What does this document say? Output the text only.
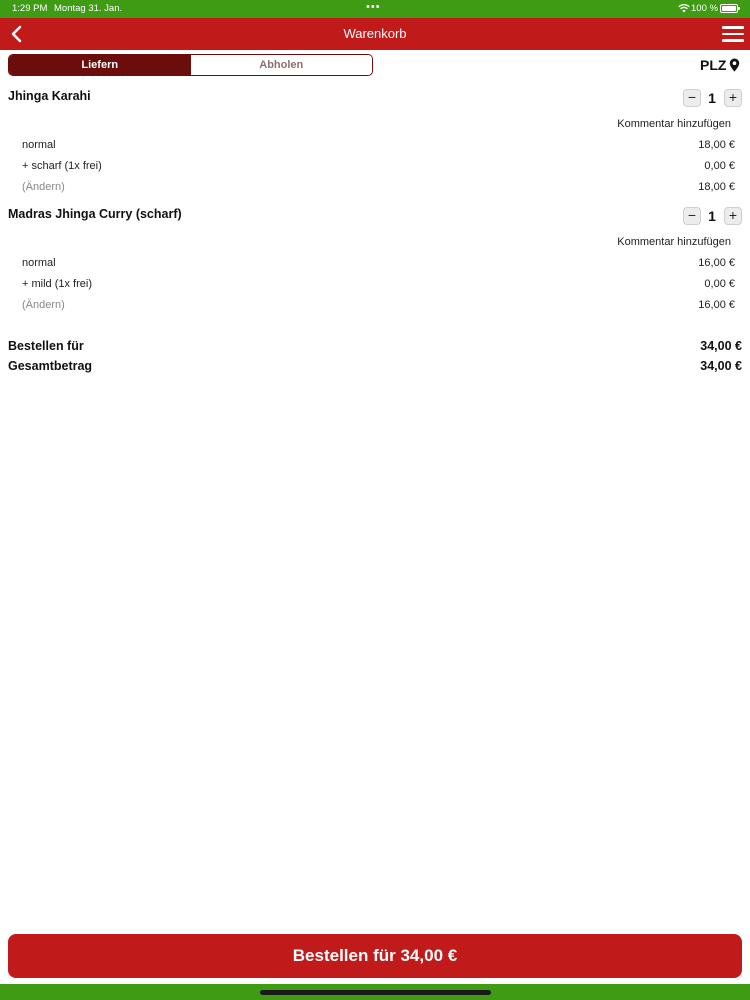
1:29 PM Montag 31. Jan.	•••	100 %
Warenkorb
Liefern	Abholen	PLZ
Jhinga Karahi	− 1 +
Kommentar hinzufügen
normal	18,00 €
+ scharf (1x frei)	0,00 €
(Ändern)	18,00 €
Madras Jhinga Curry (scharf)	− 1 +
Kommentar hinzufügen
normal	16,00 €
+ mild (1x frei)	0,00 €
(Ändern)	16,00 €
Bestellen für	34,00 €
Gesamtbetrag	34,00 €
Bestellen für 34,00 €
